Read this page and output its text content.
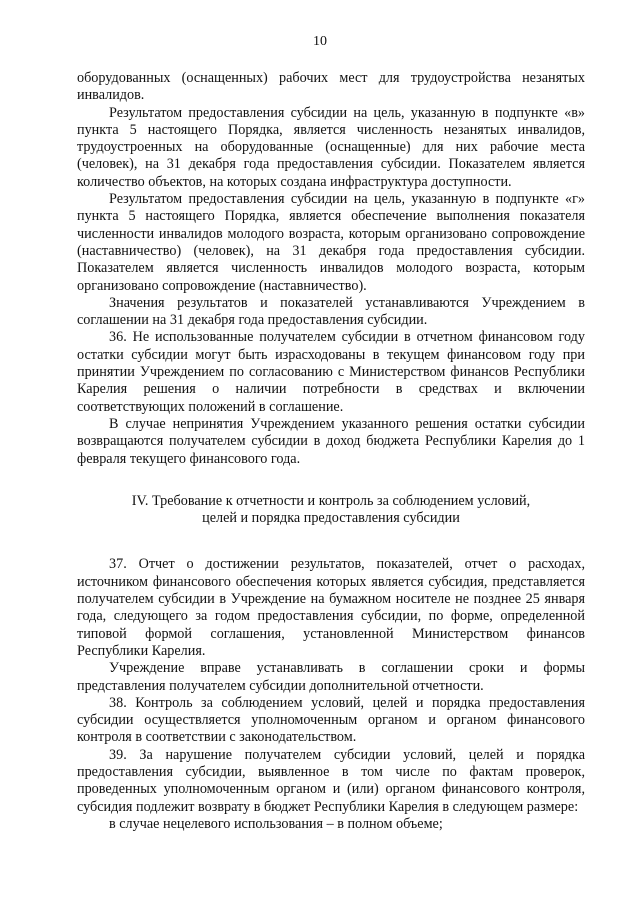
10

оборудованных (оснащенных) рабочих мест для трудоустройства незанятых инвалидов.

Результатом предоставления субсидии на цель, указанную в подпункте «в» пункта 5 настоящего Порядка, является численность незанятых инвалидов, трудоустроенных на оборудованные (оснащенные) для них рабочие места (человек), на 31 декабря года предоставления субсидии. Показателем является количество объектов, на которых создана инфраструктура доступности.

Результатом предоставления субсидии на цель, указанную в подпункте «г» пункта 5 настоящего Порядка, является обеспечение выполнения показателя численности инвалидов молодого возраста, которым организовано сопровождение (наставничество) (человек), на 31 декабря года предоставления субсидии. Показателем является численность инвалидов молодого возраста, которым организовано сопровождение (наставничество).

Значения результатов и показателей устанавливаются Учреждением в соглашении на 31 декабря года предоставления субсидии.

36. Не использованные получателем субсидии в отчетном финансовом году остатки субсидии могут быть израсходованы в текущем финансовом году при принятии Учреждением по согласованию с Министерством финансов Республики Карелия решения о наличии потребности в средствах и включении соответствующих положений в соглашение.

В случае непринятия Учреждением указанного решения остатки субсидии возвращаются получателем субсидии в доход бюджета Республики Карелия до 1 февраля текущего финансового года.

IV. Требование к отчетности и контроль за соблюдением условий,
целей и порядка предоставления субсидии

37. Отчет о достижении результатов, показателей, отчет о расходах, источником финансового обеспечения которых является субсидия, представляется получателем субсидии в Учреждение на бумажном носителе не позднее 25 января года, следующего за годом предоставления субсидии, по форме, определенной типовой формой соглашения, установленной Министерством финансов Республики Карелия.

Учреждение вправе устанавливать в соглашении сроки и формы представления получателем субсидии дополнительной отчетности.

38. Контроль за соблюдением условий, целей и порядка предоставления субсидии осуществляется уполномоченным органом и органом финансового контроля в соответствии с законодательством.

39. За нарушение получателем субсидии условий, целей и порядка предоставления субсидии, выявленное в том числе по фактам проверок, проведенных уполномоченным органом и (или) органом финансового контроля, субсидия подлежит возврату в бюджет Республики Карелия в следующем размере:

в случае нецелевого использования – в полном объеме;
